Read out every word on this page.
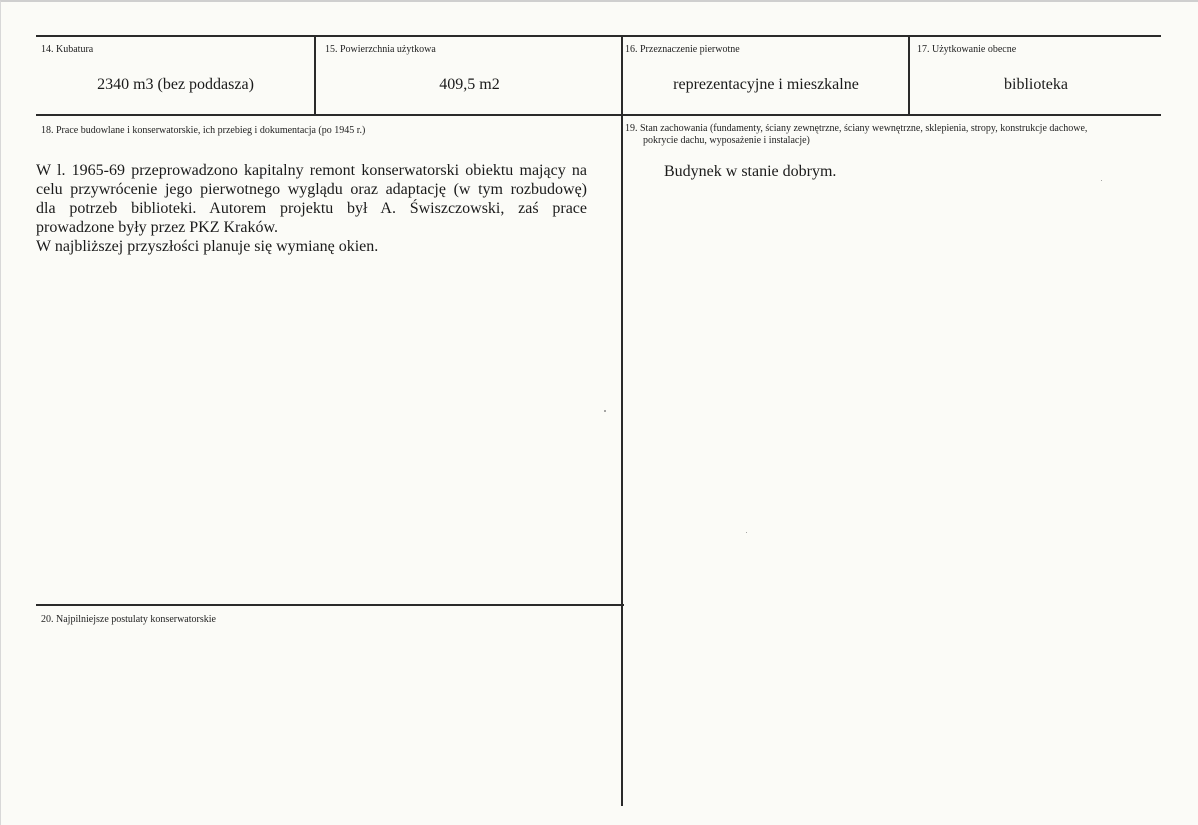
14. Kubatura
2340 m3 (bez poddasza)
15. Powierzchnia użytkowa
409,5 m2
16. Przeznaczenie pierwotne
reprezentacyjne i mieszkalne
17. Użytkowanie obecne
biblioteka
18. Prace budowlane i konserwatorskie, ich przebieg i dokumentacja (po 1945 r.)
W l. 1965-69 przeprowadzono kapitalny remont konserwatorski obiektu mający na
celu przywrócenie jego pierwotnego wyglądu oraz adaptację (w tym rozbudowę)
dla potrzeb biblioteki. Autorem projektu był A. Świszczowski, zaś prace
prowadzone były przez PKZ Kraków.
W najbliższej przyszłości planuje się wymianę okien.
19. Stan zachowania (fundamenty, ściany zewnętrzne, ściany wewnętrzne, sklepienia, stropy, konstrukcje dachowe,
pokrycie dachu, wyposażenie i instalacje)
Budynek w stanie dobrym.
20. Najpilniejsze postulaty konserwatorskie
